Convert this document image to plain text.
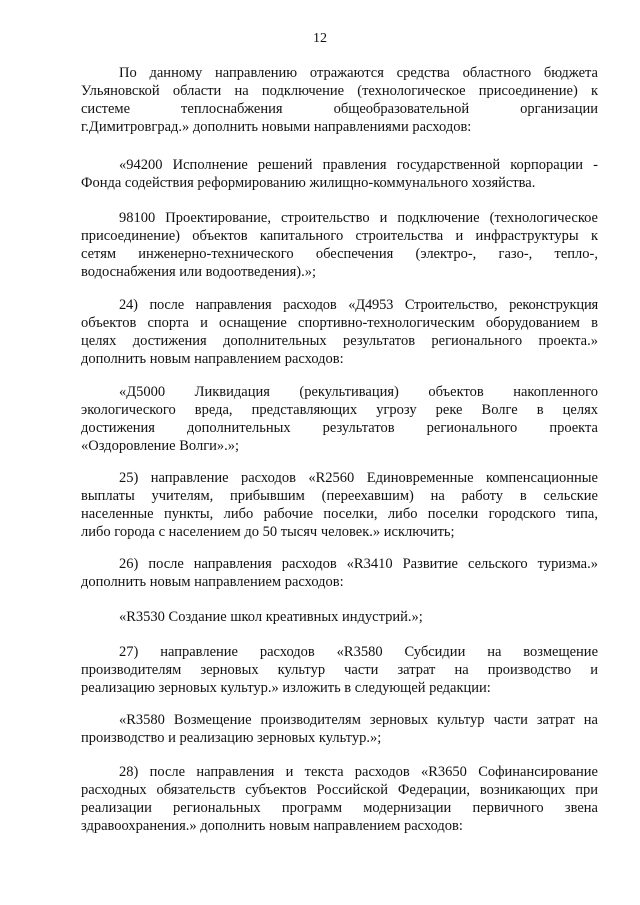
12
По данному направлению отражаются средства областного бюджета
Ульяновской области на подключение (технологическое присоединение) к
системе теплоснабжения общеобразовательной организации
г.Димитровград.» дополнить новыми направлениями расходов:
«94200 Исполнение решений правления государственной корпорации -
Фонда содействия реформированию жилищно-коммунального хозяйства.
98100 Проектирование, строительство и подключение (технологическое
присоединение) объектов капитального строительства и инфраструктуры к
сетям инженерно-технического обеспечения (электро-, газо-, тепло-,
водоснабжения или водоотведения).»;
24) после направления расходов «Д4953 Строительство, реконструкция
объектов спорта и оснащение спортивно-технологическим оборудованием в
целях достижения дополнительных результатов регионального проекта.»
дополнить новым направлением расходов:
«Д5000 Ликвидация (рекультивация) объектов накопленного
экологического вреда, представляющих угрозу реке Волге в целях
достижения дополнительных результатов регионального проекта
«Оздоровление Волги».»;
25) направление расходов «R2560 Единовременные компенсационные
выплаты учителям, прибывшим (переехавшим) на работу в сельские
населенные пункты, либо рабочие поселки, либо поселки городского типа,
либо города с населением до 50 тысяч человек.» исключить;
26) после направления расходов «R3410 Развитие сельского туризма.»
дополнить новым направлением расходов:
«R3530 Создание школ креативных индустрий.»;
27) направление расходов «R3580 Субсидии на возмещение
производителям зерновых культур части затрат на производство и
реализацию зерновых культур.» изложить в следующей редакции:
«R3580 Возмещение производителям зерновых культур части затрат на
производство и реализацию зерновых культур.»;
28) после направления и текста расходов «R3650 Софинансирование
расходных обязательств субъектов Российской Федерации, возникающих при
реализации региональных программ модернизации первичного звена
здравоохранения.» дополнить новым направлением расходов:
